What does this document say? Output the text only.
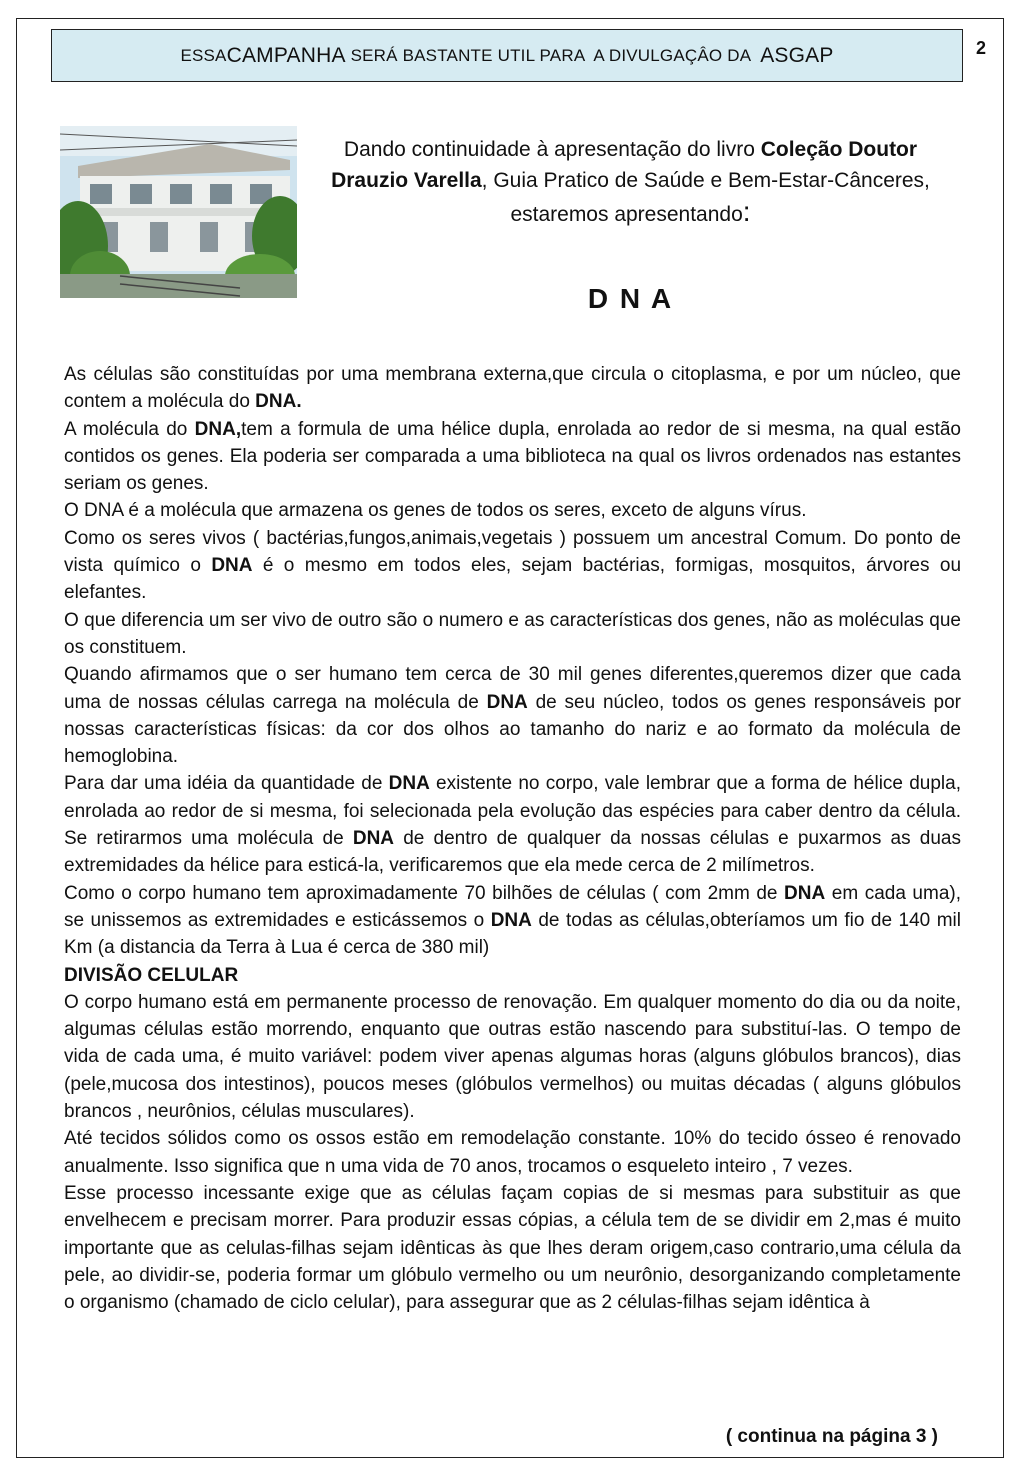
ESSA CAMPANHA SERÁ BASTANTE UTIL PARA  A DIVULGAÇÂO DA ASGAP	2
Dando continuidade à apresentação do livro Coleção Doutor Drauzio Varella, Guia Pratico de Saúde e Bem-Estar-Cânceres, estaremos apresentando:
D N A

As células são constituídas por uma membrana externa,que circula o citoplasma, e por um núcleo, que contem a molécula do DNA.

A molécula do DNA,tem a formula de uma hélice dupla, enrolada ao redor de si mesma, na qual estão contidos os genes. Ela poderia ser comparada a uma biblioteca na qual os livros ordenados nas estantes seriam os genes.

O DNA é a molécula que armazena os genes de todos os seres, exceto de alguns vírus.

Como os seres vivos ( bactérias,fungos,animais,vegetais ) possuem um ancestral Comum. Do ponto de vista químico o DNA é o mesmo em todos eles, sejam bactérias, formigas, mosquitos, árvores ou elefantes.

O que diferencia um ser vivo de outro são o numero e as características dos genes, não as moléculas que os constituem.

Quando afirmamos que o ser humano tem cerca de 30 mil genes diferentes,queremos dizer que cada uma de nossas células carrega na molécula de DNA de seu núcleo, todos os genes responsáveis por nossas características físicas: da cor dos olhos ao tamanho do nariz e ao formato da molécula de hemoglobina.

Para dar uma idéia da quantidade de DNA existente no corpo, vale lembrar que a forma de hélice dupla, enrolada ao redor de si mesma, foi selecionada pela evolução das espécies para caber dentro da célula. Se retirarmos uma molécula de DNA de dentro de qualquer da nossas células e puxarmos as duas extremidades da hélice para esticá-la, verificaremos que ela mede cerca de 2 milímetros.

Como o corpo humano tem aproximadamente 70 bilhões de células ( com 2mm de DNA em cada uma), se unissemos as extremidades e esticássemos o DNA de todas as células,obteríamos um fio de 140 mil Km (a distancia da Terra à Lua é cerca de 380 mil)

DIVISÃO CELULAR

O corpo humano está em permanente processo de renovação. Em qualquer momento do dia ou da noite, algumas células estão morrendo, enquanto que outras estão nascendo para substituí-las. O tempo de vida de cada uma, é muito variável: podem viver apenas algumas horas (alguns glóbulos brancos), dias (pele,mucosa dos intestinos), poucos meses (glóbulos vermelhos) ou muitas décadas ( alguns glóbulos brancos , neurônios, células musculares).

Até tecidos sólidos como os ossos estão em remodelação constante. 10% do tecido ósseo é renovado anualmente. Isso significa que n uma vida de 70 anos, trocamos o esqueleto inteiro , 7 vezes.

Esse processo incessante exige que as células façam copias de si mesmas para substituir as que envelhecem e precisam morrer. Para produzir essas cópias, a célula tem de se dividir em 2,mas é muito importante que as celulas-filhas sejam idênticas às que lhes deram origem,caso contrario,uma célula da pele, ao dividir-se, poderia formar um glóbulo vermelho ou um neurônio, desorganizando completamente o organismo (chamado de ciclo celular), para assegurar que as 2 células-filhas sejam idêntica à

( continua na página 3 )
